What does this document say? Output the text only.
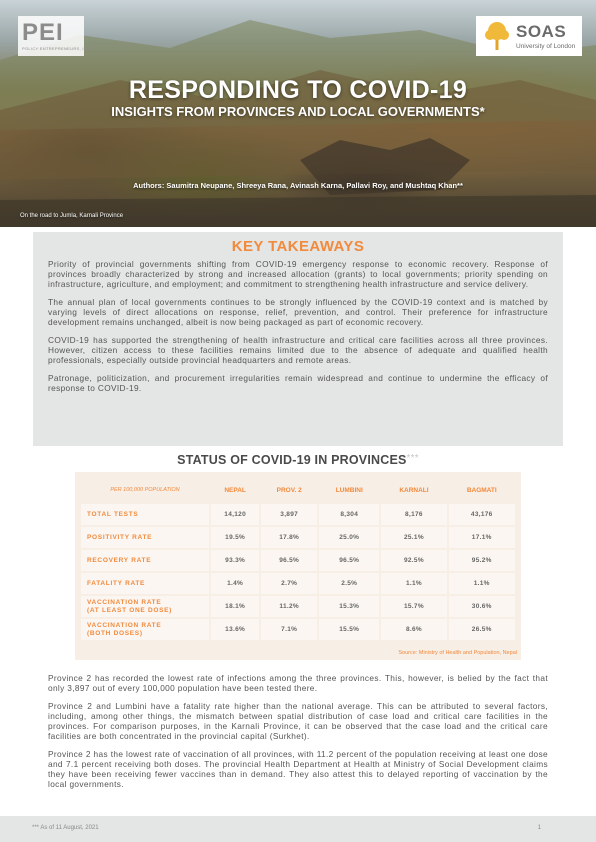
PEI
POLICY ENTREPRENEURS, INC
SOAS
University of London
RESPONDING TO COVID-19
INSIGHTS FROM PROVINCES AND LOCAL GOVERNMENTS*
Authors: Saumitra Neupane, Shreeya Rana, Avinash Karna, Pallavi Roy, and Mushtaq Khan**
On the road to Jumla, Karnali Province
KEY TAKEAWAYS

Priority of provincial governments shifting from COVID-19 emergency response to economic recovery. Response of provinces broadly characterized by strong and increased allocation (grants) to local governments; priority spending on infrastructure, agriculture, and employment; and commitment to strengthening health infrastructure and service delivery.

The annual plan of local governments continues to be strongly influenced by the COVID-19 context and is matched by varying levels of direct allocations on response, relief, prevention, and control. Their preference for infrastructure development remains unchanged, albeit is now being packaged as part of economic recovery.

COVID-19 has supported the strengthening of health infrastructure and critical care facilities across all three provinces. However, citizen access to these facilities remains limited due to the absence of adequate and qualified health professionals, especially outside provincial headquarters and remote areas.

Patronage, politicization, and procurement irregularities remain widespread and continue to undermine the efficacy of response to COVID-19.

STATUS OF COVID-19 IN PROVINCES***
PER 100,000 POPULATION	NEPAL	PROV. 2	LUMBINI	KARNALI	BAGMATI
TOTAL TESTS	14,120	3,897	8,304	8,176	43,176
POSITIVITY RATE	19.5%	17.8%	25.0%	25.1%	17.1%
RECOVERY RATE	93.3%	96.5%	96.5%	92.5%	95.2%
FATALITY RATE	1.4%	2.7%	2.5%	1.1%	1.1%
VACCINATION RATE
(AT LEAST ONE DOSE)	18.1%	11.2%	15.3%	15.7%	30.6%
VACCINATION RATE
(BOTH DOSES)	13.6%	7.1%	15.5%	8.6%	26.5%
Source: Ministry of Health and Population, Nepal

Province 2 has recorded the lowest rate of infections among the three provinces. This, however, is belied by the fact that only 3,897 out of every 100,000 population have been tested there.

Province 2 and Lumbini have a fatality rate higher than the national average. This can be attributed to several factors, including, among other things, the mismatch between spatial distribution of case load and critical care facilities in the provinces. For comparison purposes, in the Karnali Province, it can be observed that the case load and the critical care facilities are both concentrated in the provincial capital (Surkhet).

Province 2 has the lowest rate of vaccination of all provinces, with 11.2 percent of the population receiving at least one dose and 7.1 percent receiving both doses. The provincial Health Department at Health at Ministry of Social Development claims they have been receiving fewer vaccines than in demand. They also attest this to delayed reporting of vaccination by the local governments.

*** As of 11 August, 2021	1
